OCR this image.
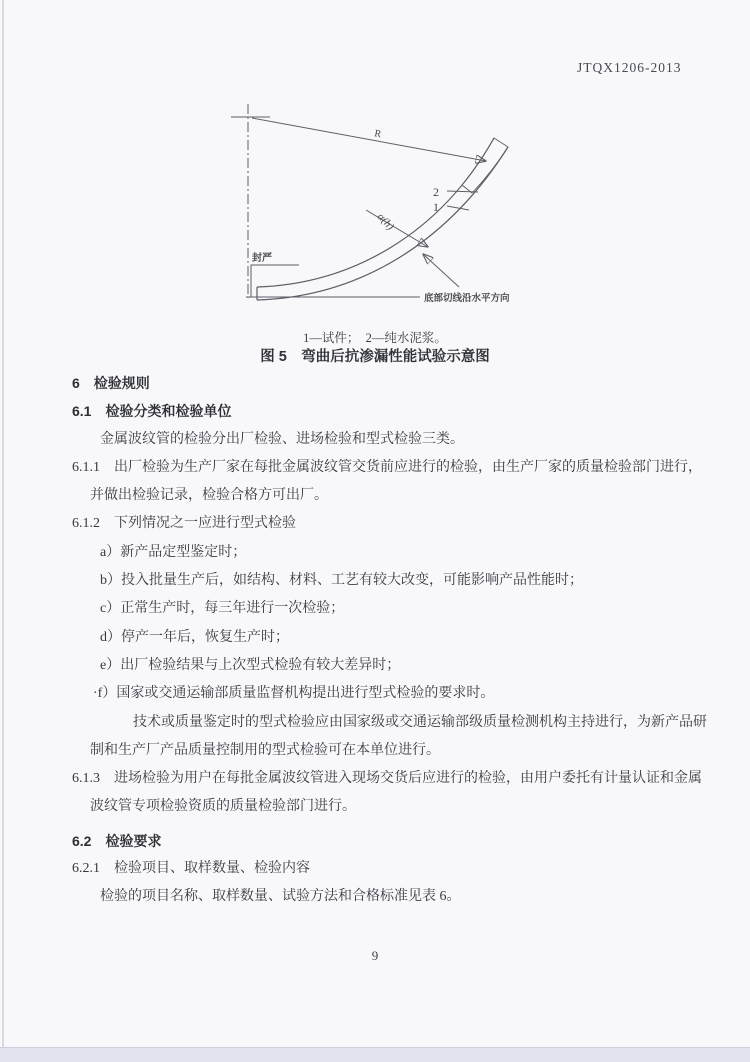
JTQX1206-2013
R
2
1
α(h)
封严
底部切线沿水平方向
1—试件；　2—纯水泥浆。
图 5　弯曲后抗渗漏性能试验示意图

6　检验规则

6.1　检验分类和检验单位

金属波纹管的检验分出厂检验、进场检验和型式检验三类。

6.1.1　出厂检验为生产厂家在每批金属波纹管交货前应进行的检验，由生产厂家的质量检验部门进行，

并做出检验记录，检验合格方可出厂。

6.1.2　下列情况之一应进行型式检验

a）新产品定型鉴定时；

b）投入批量生产后，如结构、材料、工艺有较大改变，可能影响产品性能时；

c）正常生产时，每三年进行一次检验；

d）停产一年后，恢复生产时；

e）出厂检验结果与上次型式检验有较大差异时；

·f）国家或交通运输部质量监督机构提出进行型式检验的要求时。

技术或质量鉴定时的型式检验应由国家级或交通运输部级质量检测机构主持进行，为新产品研

制和生产厂产品质量控制用的型式检验可在本单位进行。

6.1.3　进场检验为用户在每批金属波纹管进入现场交货后应进行的检验，由用户委托有计量认证和金属

波纹管专项检验资质的质量检验部门进行。

6.2　检验要求

6.2.1　检验项目、取样数量、检验内容

检验的项目名称、取样数量、试验方法和合格标准见表 6。

9
